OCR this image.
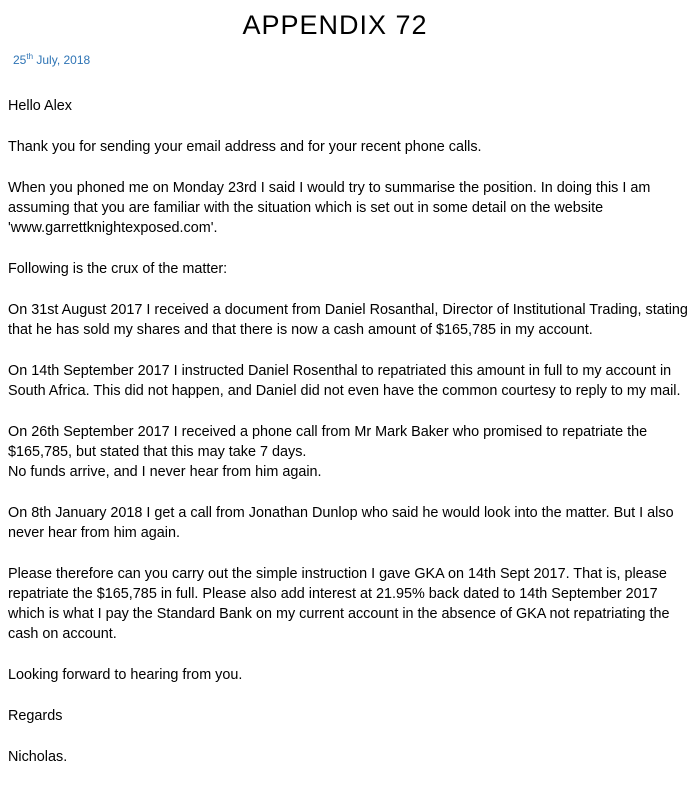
APPENDIX 72
25th July, 2018

Hello Alex

Thank you for sending your email address and for your recent phone calls.

When you phoned me on Monday 23rd I said I would try to summarise the position. In doing this I am assuming that you are familiar with the situation which is set out in some detail on the website 'www.garrettknightexposed.com'.

Following is the crux of the matter:

On 31st August 2017 I received a document from Daniel Rosanthal, Director of Institutional Trading, stating that he has sold my shares and that there is now a cash amount of $165,785 in my account.

On 14th September 2017 I instructed Daniel Rosenthal to repatriated this amount in full to my account in South Africa. This did not happen, and Daniel did not even have the common courtesy to reply to my mail.

On 26th September 2017 I received a phone call from Mr Mark Baker who promised to repatriate the $165,785, but stated that this may take 7 days.

No funds arrive, and I never hear from him again.

On 8th January 2018 I get a call from Jonathan Dunlop who said he would look into the matter. But I also never hear from him again.

Please therefore can you carry out the simple instruction I gave GKA on 14th Sept 2017. That is, please repatriate the $165,785 in full. Please also add interest at 21.95% back dated to 14th September 2017 which is what I pay the Standard Bank on my current account in the absence of GKA not repatriating the cash on account.

Looking forward to hearing from you.

Regards

Nicholas.
